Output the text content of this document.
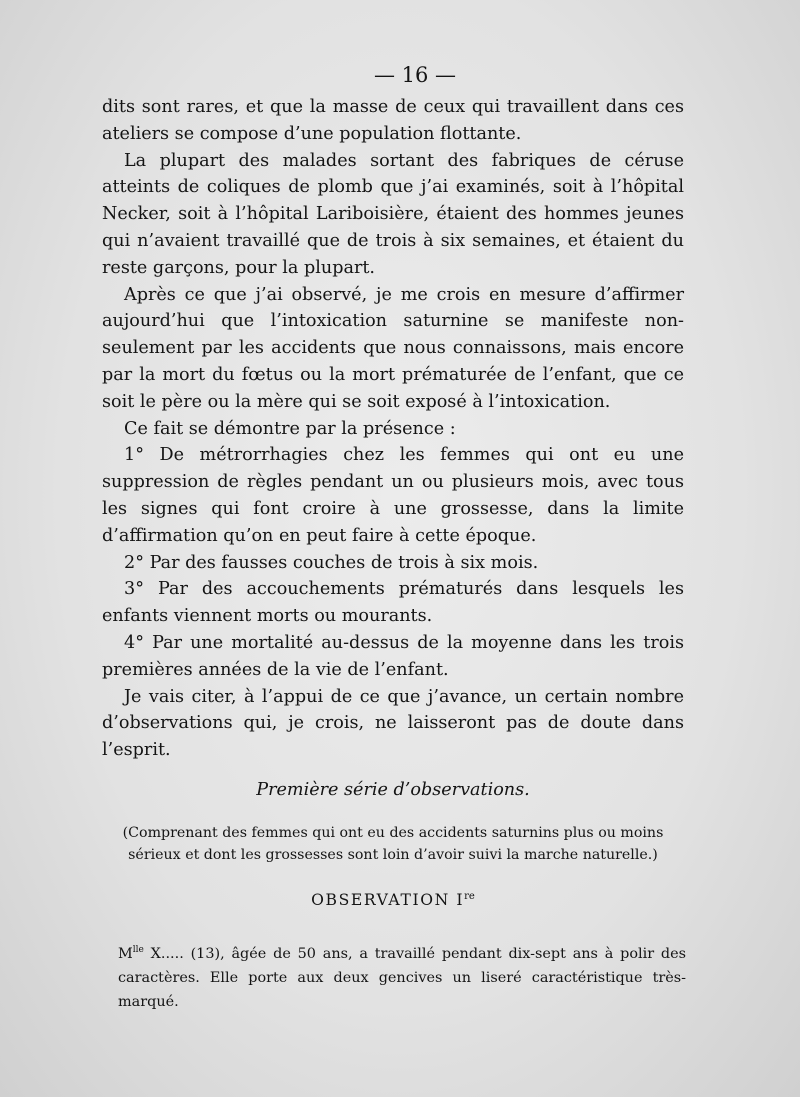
— 16 —

dits sont rares, et que la masse de ceux qui travaillent dans ces ateliers se compose d’une population flottante.

La plupart des malades sortant des fabriques de céruse atteints de coliques de plomb que j’ai examinés, soit à l’hôpital Necker, soit à l’hôpital Lariboisière, étaient des hommes jeunes qui n’avaient travaillé que de trois à six semaines, et étaient du reste garçons, pour la plupart.

Après ce que j’ai observé, je me crois en mesure d’affirmer aujourd’hui que l’intoxication saturnine se manifeste non-seulement par les accidents que nous connaissons, mais encore par la mort du fœtus ou la mort prématurée de l’enfant, que ce soit le père ou la mère qui se soit exposé à l’intoxication.

Ce fait se démontre par la présence :

1° De métrorrhagies chez les femmes qui ont eu une suppression de règles pendant un ou plusieurs mois, avec tous les signes qui font croire à une grossesse, dans la limite d’affirmation qu’on en peut faire à cette époque.

2° Par des fausses couches de trois à six mois.

3° Par des accouchements prématurés dans lesquels les enfants viennent morts ou mourants.

4° Par une mortalité au-dessus de la moyenne dans les trois premières années de la vie de l’enfant.

Je vais citer, à l’appui de ce que j’avance, un certain nombre d’observations qui, je crois, ne laisseront pas de doute dans l’esprit.

Première série d’observations.
(Comprenant des femmes qui ont eu des accidents saturnins plus ou moins sérieux et dont les grossesses sont loin d’avoir suivi la marche naturelle.)
OBSERVATION Ire
$M^{lle}$ X..... (13), âgée de 50 ans, a travaillé pendant dix-sept ans à polir des caractères. Elle porte aux deux gencives un liseré caractéristique très-marqué.
